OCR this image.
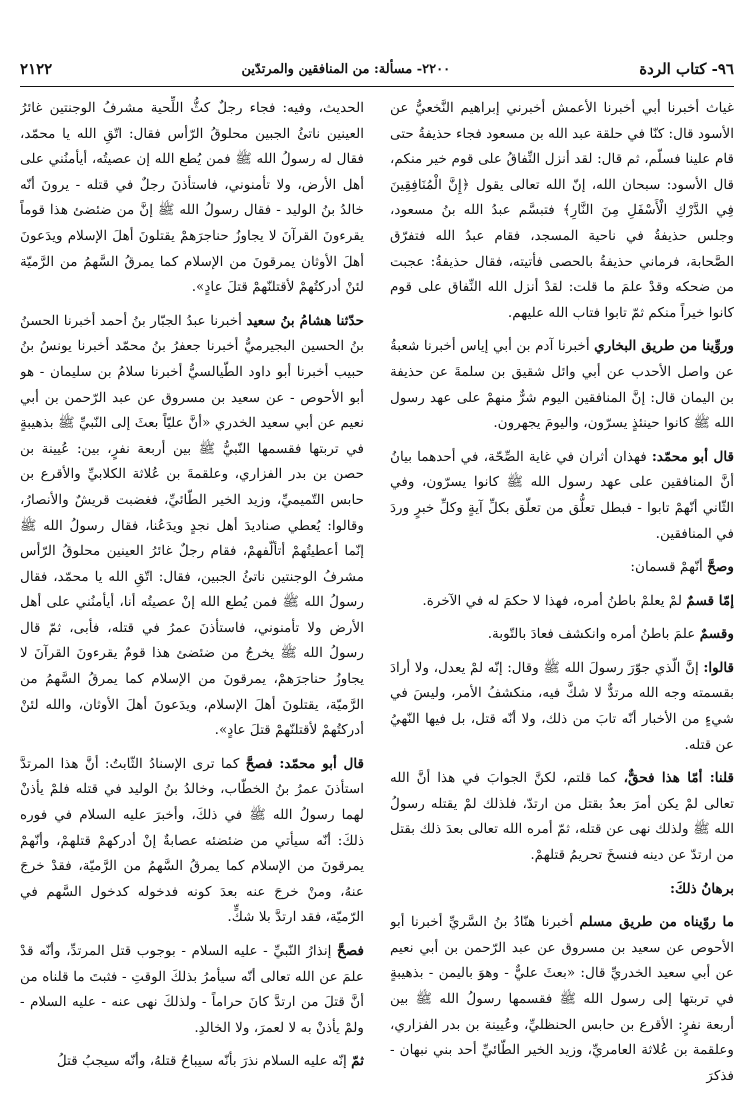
٩٦- كتاب الردة
٢٢٠٠- مسألة: من المنافقين والمرتدّين
٢١٢٢

غياث أخبرنا أبي أخبرنا الأعمش أخبرني إبراهيم النَّخعيُّ عن الأسود قال: كنّا في حلقة عبد الله بن مسعود فجاء حذيفةُ حتى قام علينا فسلّم، ثم قال: لقد أنزل النِّفاقُ على قوم خير منكم، قال الأسود: سبحان الله، إنّ الله تعالى يقول ﴿إِنَّ الْمُنَافِقِينَ فِي الدَّرْكِ الْأَسْفَلِ مِنَ النَّارِ﴾ فتبسَّم عبدُ الله بنُ مسعود، وجلس حذيفةُ في ناحية المسجد، فقام عبدُ الله فتفرّق الصَّحابة، فرماني حذيفةُ بالحصى فأتيته، فقال حذيفةُ: عجبت من ضحكه وقدْ علمَ ما قلت: لقدْ أنزل الله النِّفاق على قوم كانوا خيراً منكم ثمّ تابوا فتاب الله عليهم.

وروِّينا من طريق البخاري أخبرنا آدم بن أبي إياس أخبرنا شعبةُ عن واصل الأحدب عن أبي وائل شقيق بن سلمةَ عن حذيفة بن اليمان قال: إنَّ المنافقين اليوم شرٌّ منهمْ على عهد رسول الله ﷺ كانوا حينئذٍ يسرّون، واليومَ يجهرون.

قال أبو محمّد: فهذان أثران في غاية الصِّحّة، في أحدهما بيانُ أنَّ المنافقين على عهد رسول الله ﷺ كانوا يسرّون، وفي الثّاني أنّهمْ تابوا - فبطل تعلُّق من تعلّق بكلِّ آيةٍ وكلِّ خبرٍ وردَ في المنافقين.

وصحَّ أنّهمْ قسمان:

إمّا قسمٌ لمْ يعلمْ باطنُ أمره، فهذا لا حكمَ له في الآخرة.

وقسمٌ علمَ باطنُ أمره وانكشف فعادَ بالتّوبة.

قالوا: إنَّ الّذي جوّرَ رسولَ الله ﷺ وقال: إنّه لمْ يعدل، ولا أرادَ بقسمته وجه الله مرتدٌّ لا شكَّ فيه، منكشفُ الأمر، وليسَ في شيءٍ من الأخبار أنّه تابَ من ذلك، ولا أنّه قتل، بل فيها النّهيُ عن قتله.

قلنا: أمّا هذا فحقٌّ، كما قلتم، لكنَّ الجوابَ في هذا أنَّ الله تعالى لمْ يكن أمرَ بعدُ بقتل من ارتدّ، فلذلك لمْ يقتله رسولُ الله ﷺ ولذلك نهى عن قتله، ثمّ أمره الله تعالى بعدَ ذلك بقتل من ارتدّ عن دينه فنسخَ تحريمُ قتلهمْ.

برهانُ ذلكَ:

ما روّيناه من طريق مسلم أخبرنا هنّادُ بنُ السَّريِّ أخبرنا أبو الأحوص عن سعيد بن مسروق عن عبد الرّحمن بن أبي نعيم عن أبي سعيد الخدريِّ قال: «بعثَ عليٌّ - وهوَ باليمن - بذهيبةٍ في تربتها إلى رسول الله ﷺ فقسمها رسولُ الله ﷺ بين أربعة نفرٍ: الأقرع بن حابس الحنظليِّ، وعُيينة بن بدر الفزاري، وعلقمة بن عُلاثة العامريِّ، وزيد الخير الطّائيِّ أحد بني نبهان - فذكرَ

الحديث، وفيه: فجاء رجلٌ كثُّ اللِّحية مشرفُ الوجنتين غائرُ العينين ناتئُ الجبين محلوقُ الرّأس فقال: اتّقِ الله يا محمّد، فقال له رسولُ الله ﷺ فمن يُطع الله إن عصيتُه، أيأمنُني على أهل الأرض، ولا تأمنوني، فاستأذنَ رجلٌ في قتله - يرونَ أنّه خالدُ بنُ الوليد - فقال رسولُ الله ﷺ إنَّ من ضئضئ هذا قوماً يقرءونَ القرآنَ لا يجاوزُ حناجرَهمْ يقتلونَ أهلَ الإسلام ويدَعونَ أهلَ الأوثان يمرقونَ من الإسلام كما يمرقُ السَّهمُ من الرَّميّة لئنْ أدركتُهمْ لأقتلنّهمْ قتلَ عادٍ».

حدّثنا هشامُ بنُ سعيد أخبرنا عبدُ الجبّار بنُ أحمد أخبرنا الحسنُ بنُ الحسين البجيرميُّ أخبرنا جعفرُ بنُ محمّد أخبرنا يونسُ بنُ حبيب أخبرنا أبو داود الطّيالسيُّ أخبرنا سلامُ بن سليمان - هو أبو الأحوص - عن سعيد بن مسروق عن عبد الرّحمن بن أبي نعيم عن أبي سعيد الخدري «أنَّ عليّاً بعثَ إلى النّبيِّ ﷺ بذهيبةٍ في تربتها فقسمها النّبيُّ ﷺ بين أربعة نفرٍ، بين: عُيينة بن حصن بن بدر الفزاري، وعلقمةَ بن عُلاثة الكلابيِّ والأقرع بن حابس التّميميِّ، وزيد الخير الطّائيِّ، فغضبت قريشٌ والأنصارُ، وقالوا: يُعطي صناديدَ أهل نجدٍ ويدَعُنا، فقال رسولُ الله ﷺ إنّما أعطيتُهمْ أتألّفهمْ، فقام رجلٌ غائرُ العينين محلوقُ الرّأس مشرفُ الوجنتين ناتئُ الجبين، فقال: اتّقِ الله يا محمّد، فقال رسولُ الله ﷺ فمن يُطع الله إنْ عصيتُه أنا، أيأمنُني على أهل الأرض ولا تأمنوني، فاستأذنَ عمرُ في قتله، فأبى، ثمّ قال رسولُ الله ﷺ يخرجُ من ضئضئ هذا قومٌ يقرءونَ القرآنَ لا يجاوزُ حناجرَهمْ، يمرقونَ من الإسلام كما يمرقُ السَّهمُ من الرَّميّة، يقتلونَ أهلَ الإسلام، ويدَعونَ أهلَ الأوثان، والله لئنْ أدركتُهمْ لأقتلنّهمْ قتلَ عادٍ».

قال أبو محمّد: فصحَّ كما ترى الإسنادُ الثّابتُ: أنَّ هذا المرتدَّ استأذنَ عمرُ بنُ الخطّاب، وخالدُ بنُ الوليد في قتله فلمْ يأذنْ لهما رسولُ الله ﷺ في ذلكَ، وأخبرَ عليه السلام في فوره ذلكَ: أنّه سيأتي من ضئضئه عصابةٌ إنْ أدركهمْ قتلهمْ، وأنّهمْ يمرقونَ من الإسلام كما يمرقُ السَّهمُ من الرَّميّة، فقدْ خرجَ عنهُ، ومنْ خرجَ عنه بعدَ كونه فدخوله كدخول السَّهم في الرّميّة، فقد ارتدَّ بلا شكٍّ.

فصحَّ إنذارُ النّبيِّ - عليه السلام - بوجوب قتل المرتدِّ، وأنّه قدْ علمَ عن الله تعالى أنّه سيأمرُ بذلكَ الوقتِ - فثبتَ ما قلناه من أنَّ قتلَ من ارتدَّ كانَ حراماً - ولذلكَ نهى عنه - عليه السلام - ولمْ يأذنْ به لا لعمرَ، ولا الخالدِ.

ثمّ إنّه عليه السلام نذرَ بأنّه سيباحُ قتلهُ، وأنّه سيجبُ قتلُ
